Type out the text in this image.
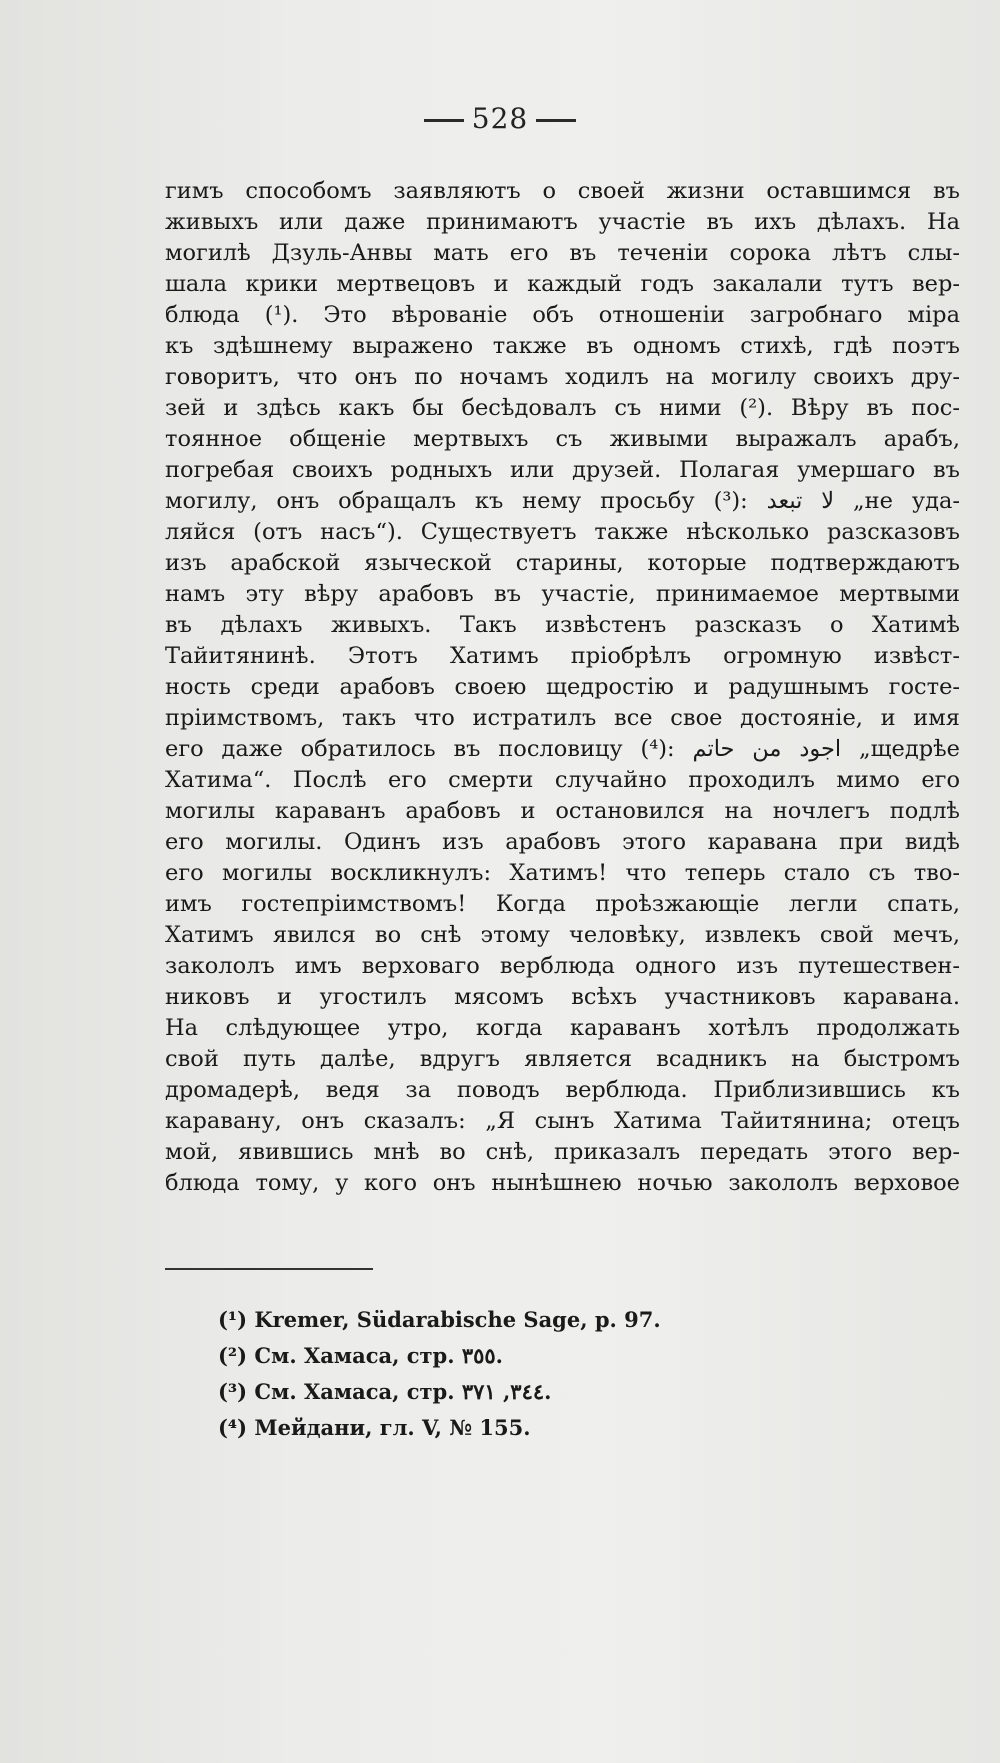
528
гимъ способомъ заявляютъ о своей жизни оставшимся въ
живыхъ или даже принимаютъ участіе въ ихъ дѣлахъ. На
могилѣ Дзуль-Анвы мать его въ теченіи сорока лѣтъ слы-
шала крики мертвецовъ и каждый годъ закалали тутъ вер-
блюда (¹). Это вѣрованіе объ отношеніи загробнаго міра
къ здѣшнему выражено также въ одномъ стихѣ, гдѣ поэтъ
говоритъ, что онъ по ночамъ ходилъ на могилу своихъ дру-
зей и здѣсь какъ бы бесѣдовалъ съ ними (²). Вѣру въ пос-
тоянное общеніе мертвыхъ съ живыми выражалъ арабъ,
погребая своихъ родныхъ или друзей. Полагая умершаго въ
могилу, онъ обращалъ къ нему просьбу (³): لا تبعد „не уда-
ляйся (отъ насъ“). Существуетъ также нѣсколько разсказовъ
изъ арабской языческой старины, которые подтверждаютъ
намъ эту вѣру арабовъ въ участіе, принимаемое мертвыми
въ дѣлахъ живыхъ. Такъ извѣстенъ разсказъ о Хатимѣ
Тайитянинѣ. Этотъ Хатимъ пріобрѣлъ огромную извѣст-
ность среди арабовъ своею щедростію и радушнымъ госте-
пріимствомъ, такъ что истратилъ все свое достояніе, и имя
его даже обратилось въ пословицу (⁴): اجود من حاتم „щедрѣе
Хатима“. Послѣ его смерти случайно проходилъ мимо его
могилы караванъ арабовъ и остановился на ночлегъ подлѣ
его могилы. Одинъ изъ арабовъ этого каравана при видѣ
его могилы воскликнулъ: Хатимъ! что теперь стало съ тво-
имъ гостепріимствомъ! Когда проѣзжающіе легли спать,
Хатимъ явился во снѣ этому человѣку, извлекъ свой мечъ,
закололъ имъ верховаго верблюда одного изъ путешествен-
никовъ и угостилъ мясомъ всѣхъ участниковъ каравана.
На слѣдующее утро, когда караванъ хотѣлъ продолжать
свой путь далѣе, вдругъ является всадникъ на быстромъ
дромадерѣ, ведя за поводъ верблюда. Приблизившись къ
каравану, онъ сказалъ: „Я сынъ Хатима Тайитянина; отецъ
мой, явившись мнѣ во снѣ, приказалъ передать этого вер-
блюда тому, у кого онъ нынѣшнею ночью закололъ верховое
(¹) Kremer, Südarabische Sage, p. 97.
(²) См. Хамаса, стр. ٣٥٥.
(³) См. Хамаса, стр. ٣٤٤, ٣٧١.
(⁴) Мейдани, гл. V, № 155.
